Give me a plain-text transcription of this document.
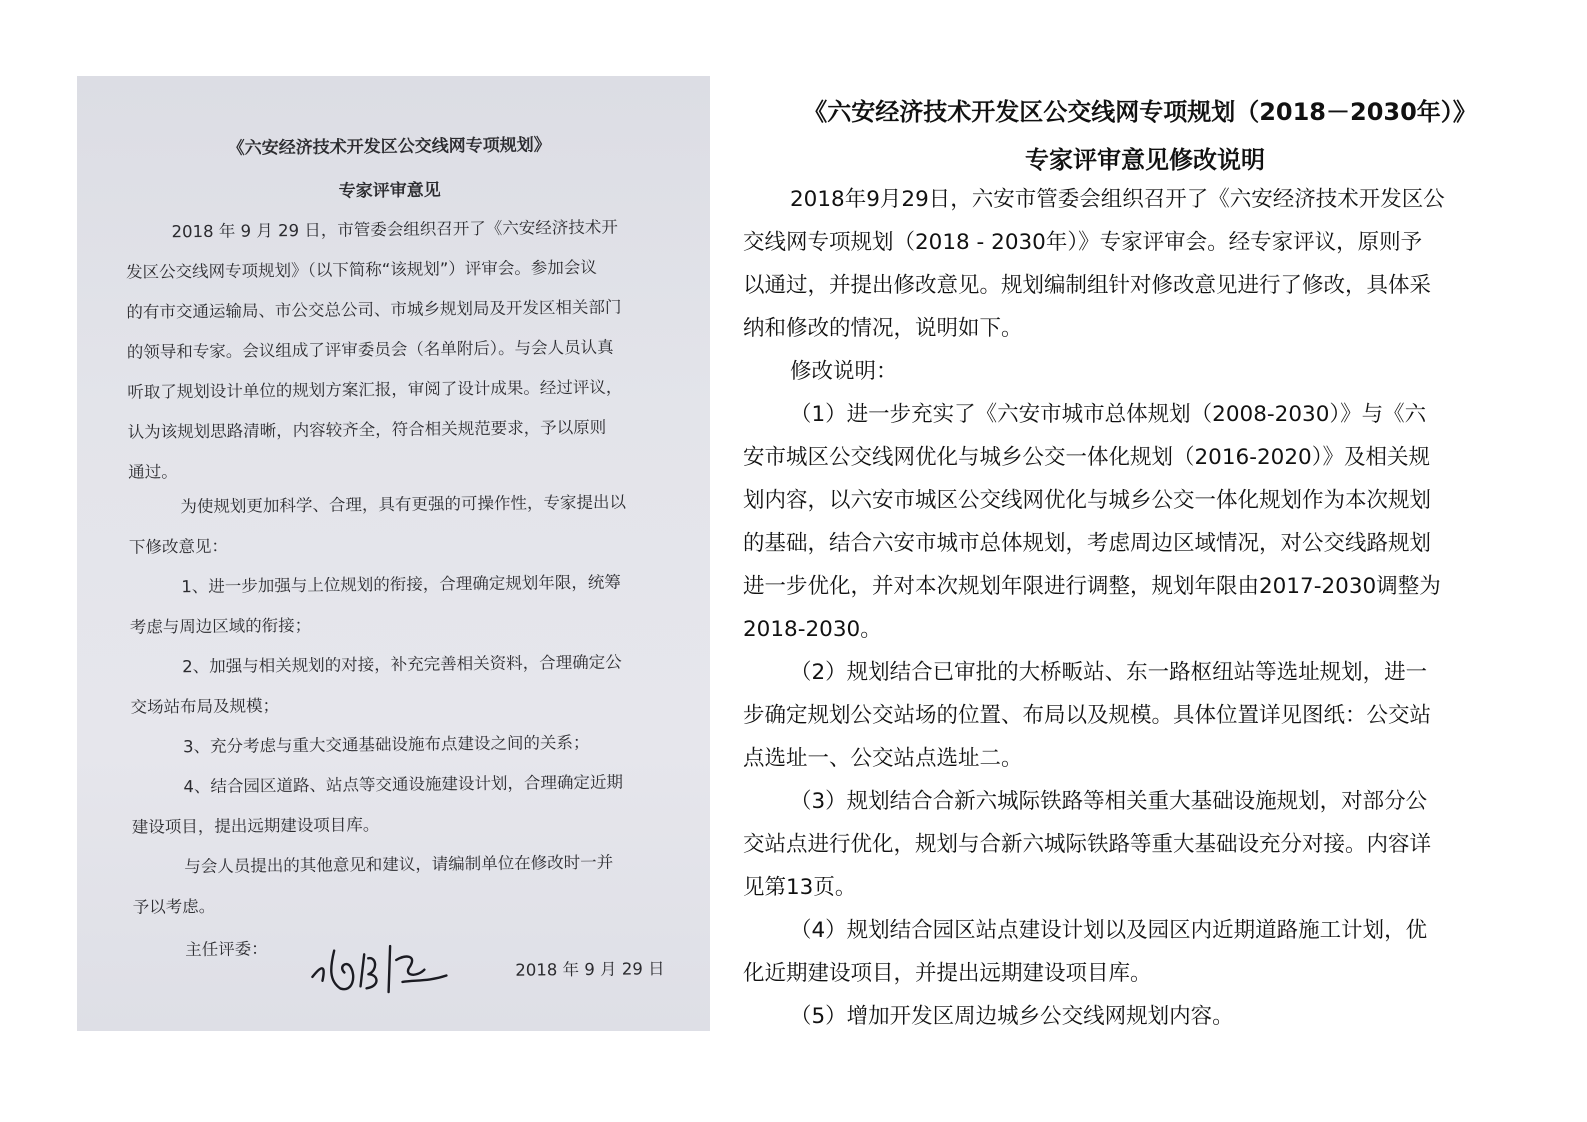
《六安经济技术开发区公交线网专项规划》
专家评审意见
2018 年 9 月 29 日，市管委会组织召开了《六安经济技术开
发区公交线网专项规划》（以下简称“该规划”）评审会。参加会议
的有市交通运输局、市公交总公司、市城乡规划局及开发区相关部门
的领导和专家。会议组成了评审委员会（名单附后）。与会人员认真
听取了规划设计单位的规划方案汇报，审阅了设计成果。经过评议，
认为该规划思路清晰，内容较齐全，符合相关规范要求，予以原则
通过。
为使规划更加科学、合理，具有更强的可操作性，专家提出以
下修改意见：
1、进一步加强与上位规划的衔接，合理确定规划年限，统筹
考虑与周边区域的衔接；
2、加强与相关规划的对接，补充完善相关资料，合理确定公
交场站布局及规模；
3、充分考虑与重大交通基础设施布点建设之间的关系；
4、结合园区道路、站点等交通设施建设计划，合理确定近期
建设项目，提出远期建设项目库。
与会人员提出的其他意见和建议，请编制单位在修改时一并
予以考虑。
主任评委：
2018 年 9 月 29 日
《六安经济技术开发区公交线网专项规划（2018－2030年）》
专家评审意见修改说明
2018年9月29日，六安市管委会组织召开了《六安经济技术开发区公
交线网专项规划（2018 - 2030年）》专家评审会。经专家评议，原则予
以通过，并提出修改意见。规划编制组针对修改意见进行了修改，具体采
纳和修改的情况，说明如下。
修改说明：
（1）进一步充实了《六安市城市总体规划（2008-2030）》与《六
安市城区公交线网优化与城乡公交一体化规划（2016-2020）》及相关规
划内容，以六安市城区公交线网优化与城乡公交一体化规划作为本次规划
的基础，结合六安市城市总体规划，考虑周边区域情况，对公交线路规划
进一步优化，并对本次规划年限进行调整，规划年限由2017-2030调整为
2018-2030。
（2）规划结合已审批的大桥畈站、东一路枢纽站等选址规划，进一
步确定规划公交站场的位置、布局以及规模。具体位置详见图纸：公交站
点选址一、公交站点选址二。
（3）规划结合合新六城际铁路等相关重大基础设施规划，对部分公
交站点进行优化，规划与合新六城际铁路等重大基础设充分对接。内容详
见第13页。
（4）规划结合园区站点建设计划以及园区内近期道路施工计划，优
化近期建设项目，并提出远期建设项目库。
（5）增加开发区周边城乡公交线网规划内容。
